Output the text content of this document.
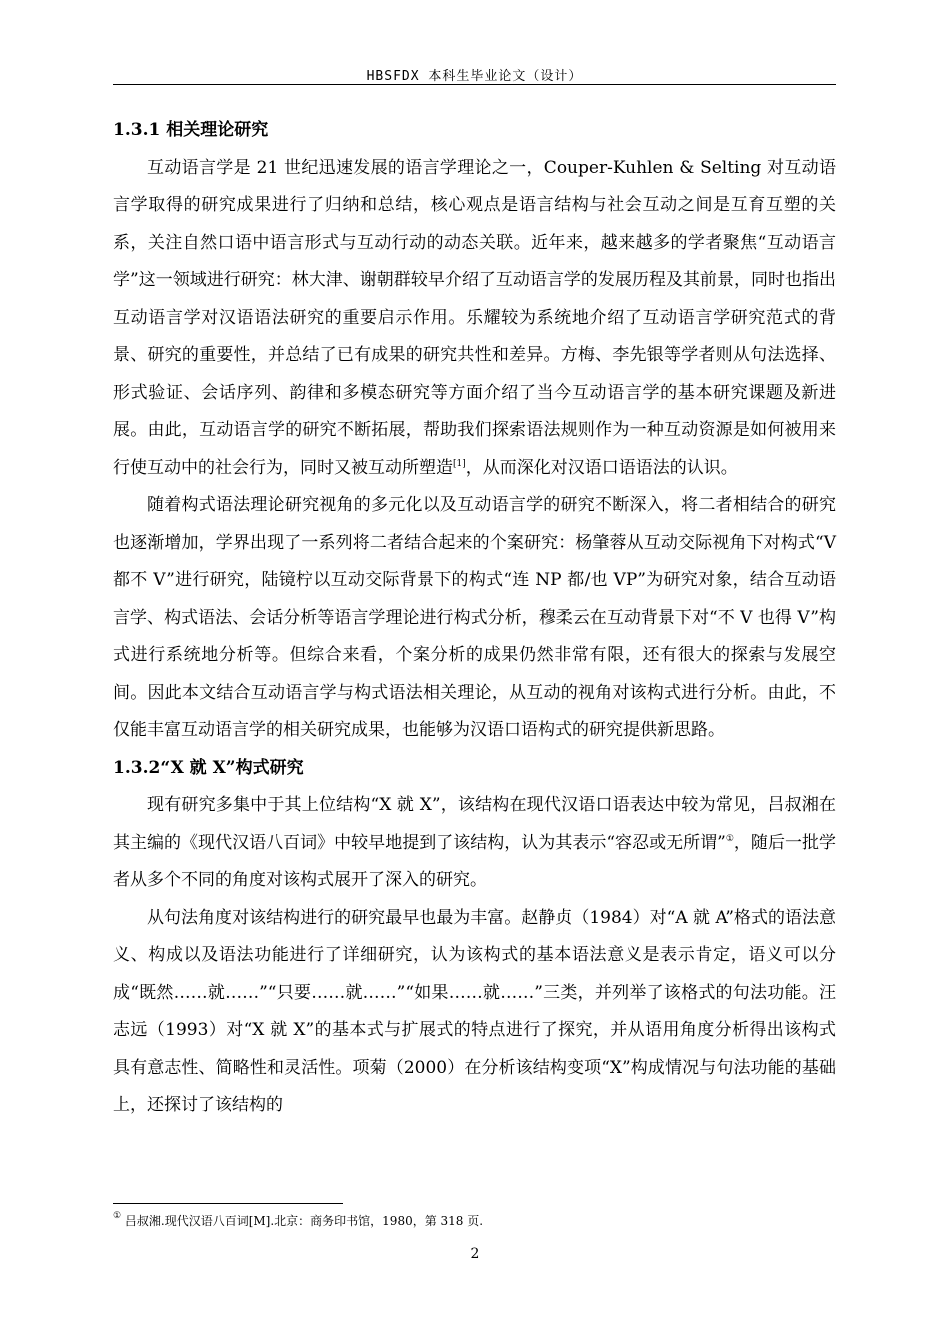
HBSFDX 本科生毕业论文（设计）

1.3.1 相关理论研究

互动语言学是 21 世纪迅速发展的语言学理论之一，Couper-Kuhlen & Selting 对互动语言学取得的研究成果进行了归纳和总结，核心观点是语言结构与社会互动之间是互育互塑的关系，关注自然口语中语言形式与互动行动的动态关联。近年来，越来越多的学者聚焦“互动语言学”这一领域进行研究：林大津、谢朝群较早介绍了互动语言学的发展历程及其前景，同时也指出互动语言学对汉语语法研究的重要启示作用。乐耀较为系统地介绍了互动语言学研究范式的背景、研究的重要性，并总结了已有成果的研究共性和差异。方梅、李先银等学者则从句法选择、形式验证、会话序列、韵律和多模态研究等方面介绍了当今互动语言学的基本研究课题及新进展。由此，互动语言学的研究不断拓展，帮助我们探索语法规则作为一种互动资源是如何被用来行使互动中的社会行为，同时又被互动所塑造[1]，从而深化对汉语口语语法的认识。

随着构式语法理论研究视角的多元化以及互动语言学的研究不断深入，将二者相结合的研究也逐渐增加，学界出现了一系列将二者结合起来的个案研究：杨肇蓉从互动交际视角下对构式“V 都不 V”进行研究，陆镜柠以互动交际背景下的构式“连 NP 都/也 VP”为研究对象，结合互动语言学、构式语法、会话分析等语言学理论进行构式分析，穆柔云在互动背景下对“不 V 也得 V”构式进行系统地分析等。但综合来看，个案分析的成果仍然非常有限，还有很大的探索与发展空间。因此本文结合互动语言学与构式语法相关理论，从互动的视角对该构式进行分析。由此，不仅能丰富互动语言学的相关研究成果，也能够为汉语口语构式的研究提供新思路。

1.3.2“X 就 X”构式研究

现有研究多集中于其上位结构“X 就 X”，该结构在现代汉语口语表达中较为常见，吕叔湘在其主编的《现代汉语八百词》中较早地提到了该结构，认为其表示“容忍或无所谓”①，随后一批学者从多个不同的角度对该构式展开了深入的研究。

从句法角度对该结构进行的研究最早也最为丰富。赵静贞（1984）对“A 就 A”格式的语法意义、构成以及语法功能进行了详细研究，认为该构式的基本语法意义是表示肯定，语义可以分成“既然……就……”“只要……就……”“如果……就……”三类，并列举了该格式的句法功能。汪志远（1993）对“X 就 X”的基本式与扩展式的特点进行了探究，并从语用角度分析得出该构式具有意志性、简略性和灵活性。项菊（2000）在分析该结构变项“X”构成情况与句法功能的基础上，还探讨了该结构的

① 吕叔湘.现代汉语八百词[M].北京：商务印书馆，1980，第 318 页.
2
